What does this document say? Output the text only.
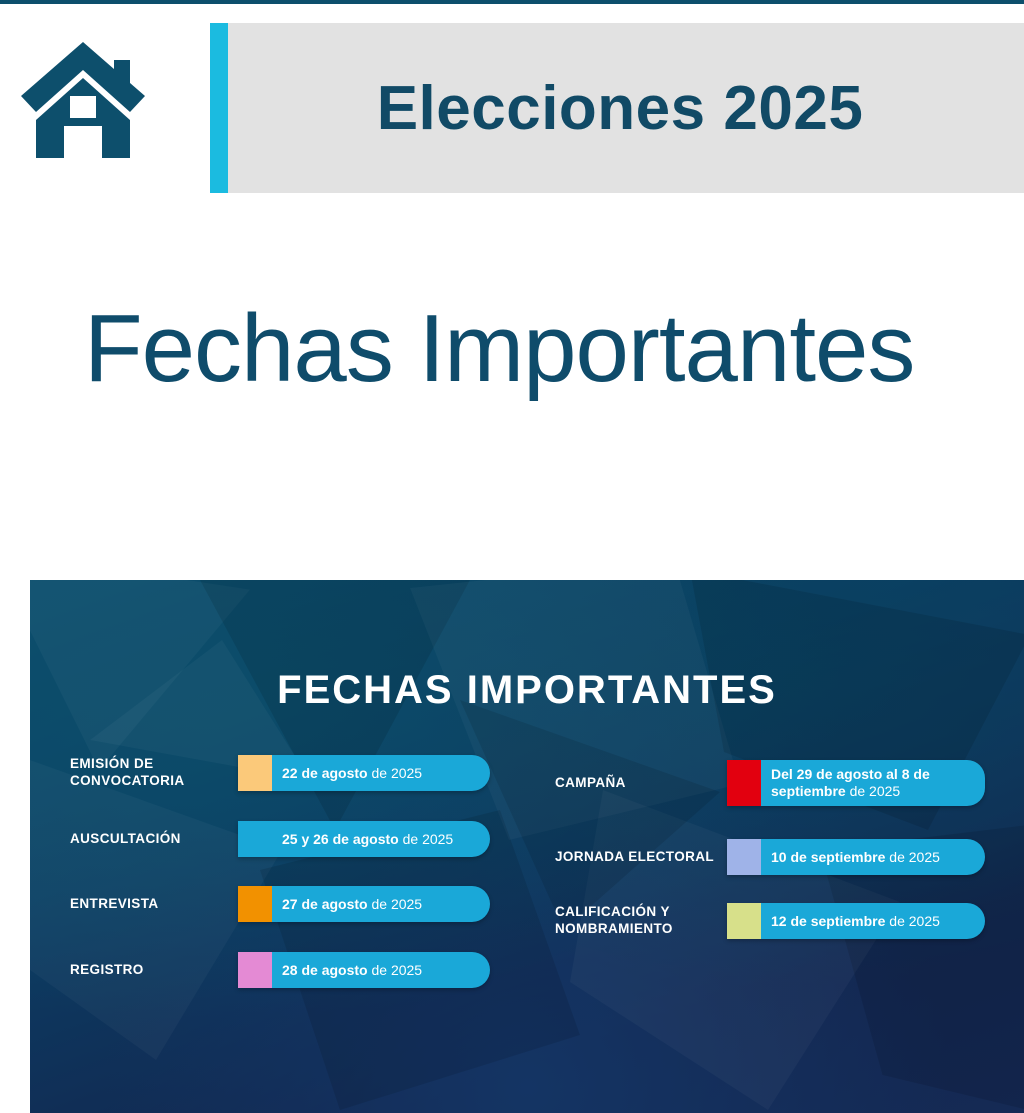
Elecciones 2025
Fechas Importantes
FECHAS IMPORTANTES
EMISIÓN DE CONVOCATORIA	22 de agosto de 2025
AUSCULTACIÓN	25 y 26 de agosto de 2025
ENTREVISTA	27 de agosto de 2025
REGISTRO	28 de agosto de 2025
CAMPAÑA	Del 29 de agosto al 8 de septiembre de 2025
JORNADA ELECTORAL	10 de septiembre de 2025
CALIFICACIÓN Y NOMBRAMIENTO	12 de septiembre de 2025
